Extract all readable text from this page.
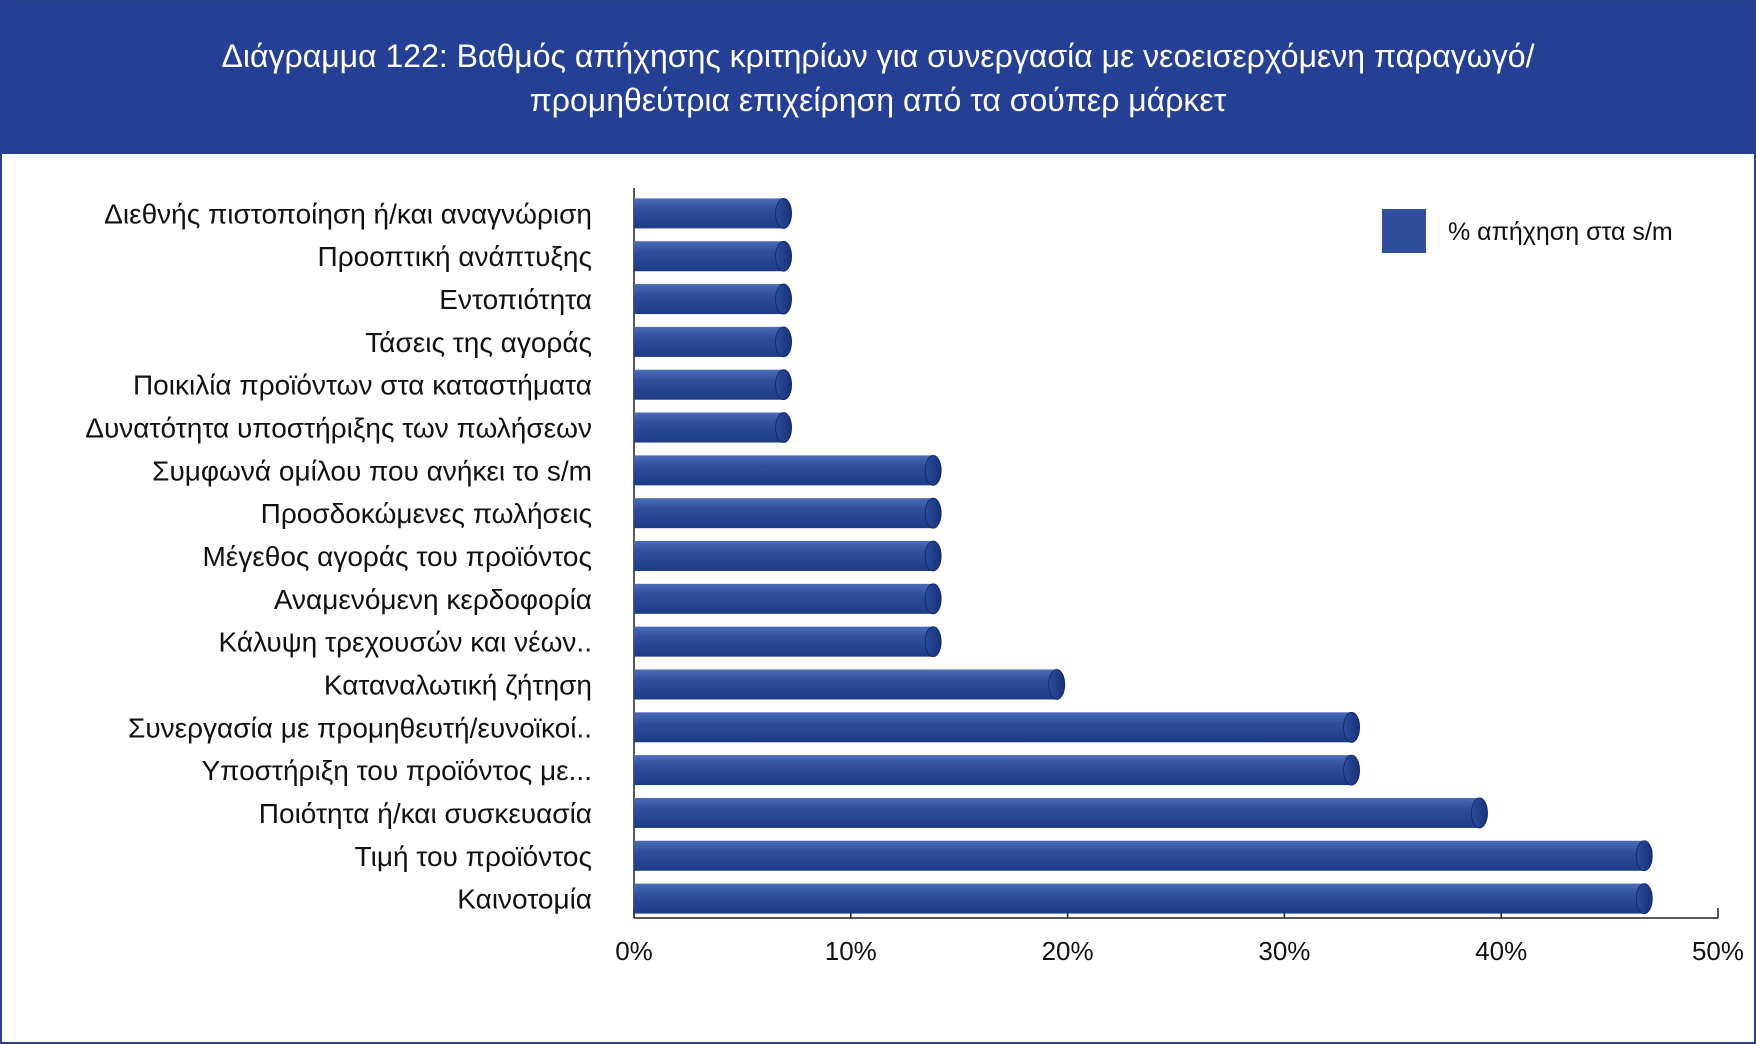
Διάγραμμα 122: Βαθμός απήχησης κριτηρίων για συνεργασία με νεοεισερχόμενη παραγωγό/προμηθεύτρια επιχείρηση από τα σούπερ μάρκετ
0%	10%	20%	30%	40%	50%
Διεθνής πιστοποίηση ή/και αναγνώριση
Προοπτική ανάπτυξης
Εντοπιότητα
Τάσεις της αγοράς
Ποικιλία προϊόντων στα καταστήματα
Δυνατότητα υποστήριξης των πωλήσεων
Συμφωνά ομίλου που ανήκει το s/m
Προσδοκώμενες πωλήσεις
Μέγεθος αγοράς του προϊόντος
Αναμενόμενη κερδοφορία
Κάλυψη τρεχουσών και νέων..
Καταναλωτική ζήτηση
Συνεργασία με προμηθευτή/ευνοϊκοί..
Υποστήριξη του προϊόντος με...
Ποιότητα ή/και συσκευασία
Τιμή του προϊόντος
Καινοτομία
% απήχηση στα s/m
